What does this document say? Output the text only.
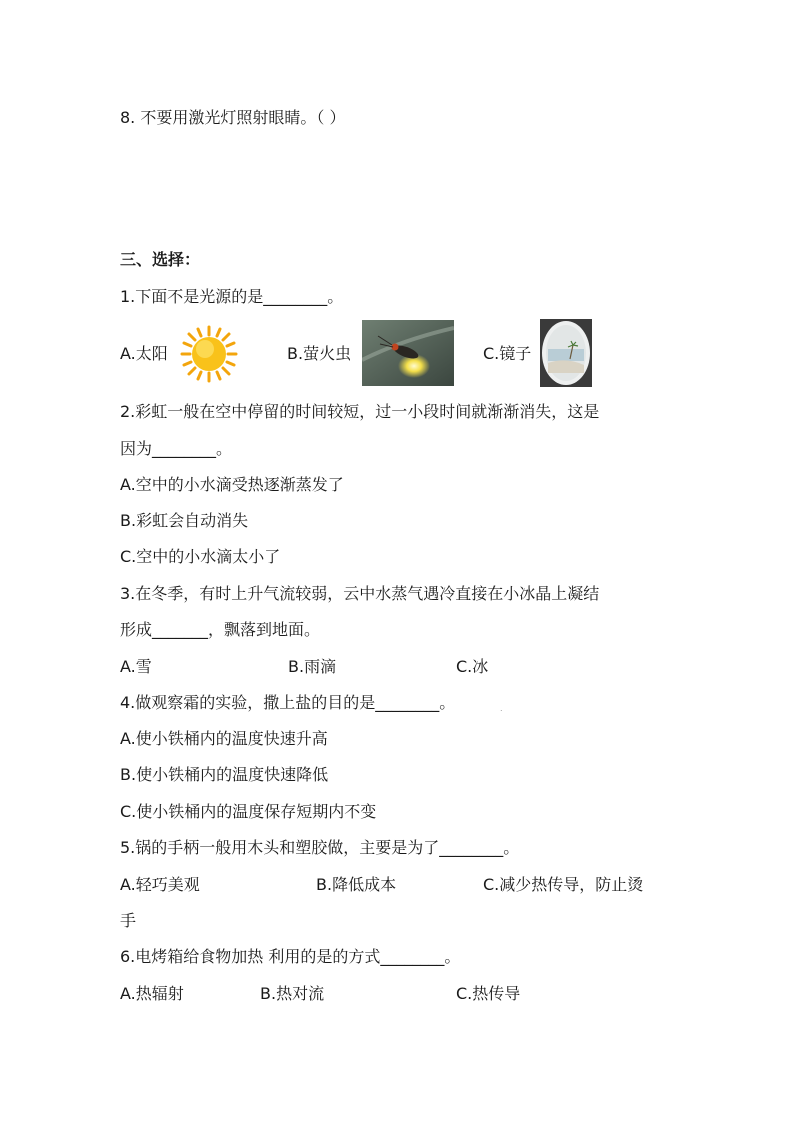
8. 不要用激光灯照射眼睛。（ ）
三、选择：
1.下面不是光源的是________。
A.太阳	B.萤火虫	C.镜子
2.彩虹一般在空中停留的时间较短，过一小段时间就渐渐消失，这是
因为________。
A.空中的小水滴受热逐渐蒸发了
B.彩虹会自动消失
C.空中的小水滴太小了
3.在冬季，有时上升气流较弱，云中水蒸气遇冷直接在小冰晶上凝结
形成_______，飘落到地面。
A.雪	B.雨滴	C.冰
4.做观察霜的实验，撒上盐的目的是________。	.
A.使小铁桶内的温度快速升高
B.使小铁桶内的温度快速降低
C.使小铁桶内的温度保存短期内不变
5.锅的手柄一般用木头和塑胶做，主要是为了________。
A.轻巧美观	B.降低成本	C.减少热传导，防止烫
手
6.电烤箱给食物加热 利用的是的方式________。
A.热辐射	B.热对流	C.热传导
